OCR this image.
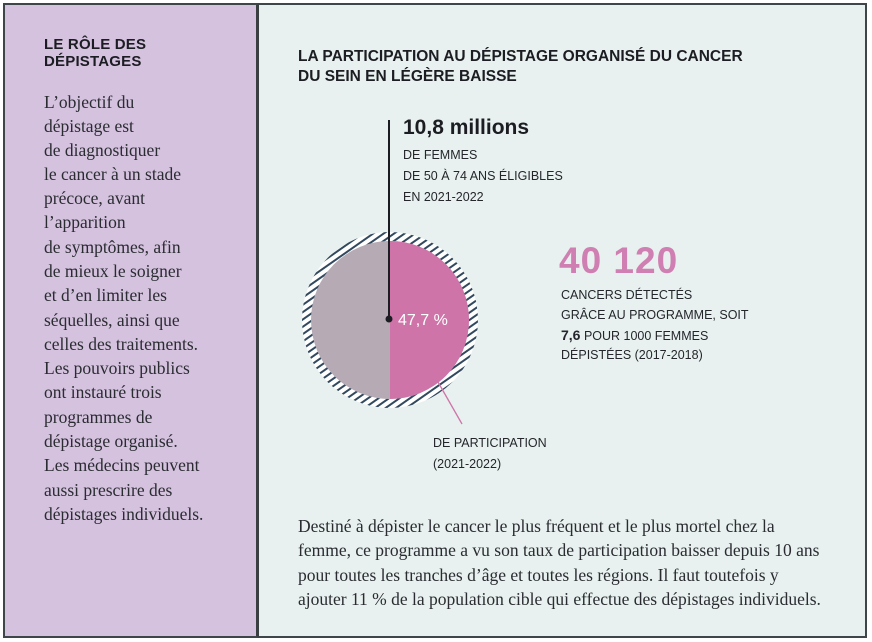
LE RÔLE DES
DÉPISTAGES
L’objectif du
dépistage est
de diagnostiquer
le cancer à un stade
précoce, avant
l’apparition
de symptômes, afin
de mieux le soigner
et d’en limiter les
séquelles, ainsi que
celles des traitements.
Les pouvoirs publics
ont instauré trois
programmes de
dépistage organisé.
Les médecins peuvent
aussi prescrire des
dépistages individuels.
LA PARTICIPATION AU DÉPISTAGE ORGANISÉ DU CANCER
DU SEIN EN LÉGÈRE BAISSE
47,7 %
10,8 millions
DE FEMMES
DE 50 À 74 ANS ÉLIGIBLES
EN 2021-2022
40 120
CANCERS DÉTECTÉS
GRÂCE AU PROGRAMME, SOIT
7,6 POUR 1000 FEMMES
DÉPISTÉES (2017-2018)
DE PARTICIPATION
(2021-2022)
Destiné à dépister le cancer le plus fréquent et le plus mortel chez la
femme, ce programme a vu son taux de participation baisser depuis 10 ans
pour toutes les tranches d’âge et toutes les régions. Il faut toutefois y
ajouter 11 % de la population cible qui effectue des dépistages individuels.
